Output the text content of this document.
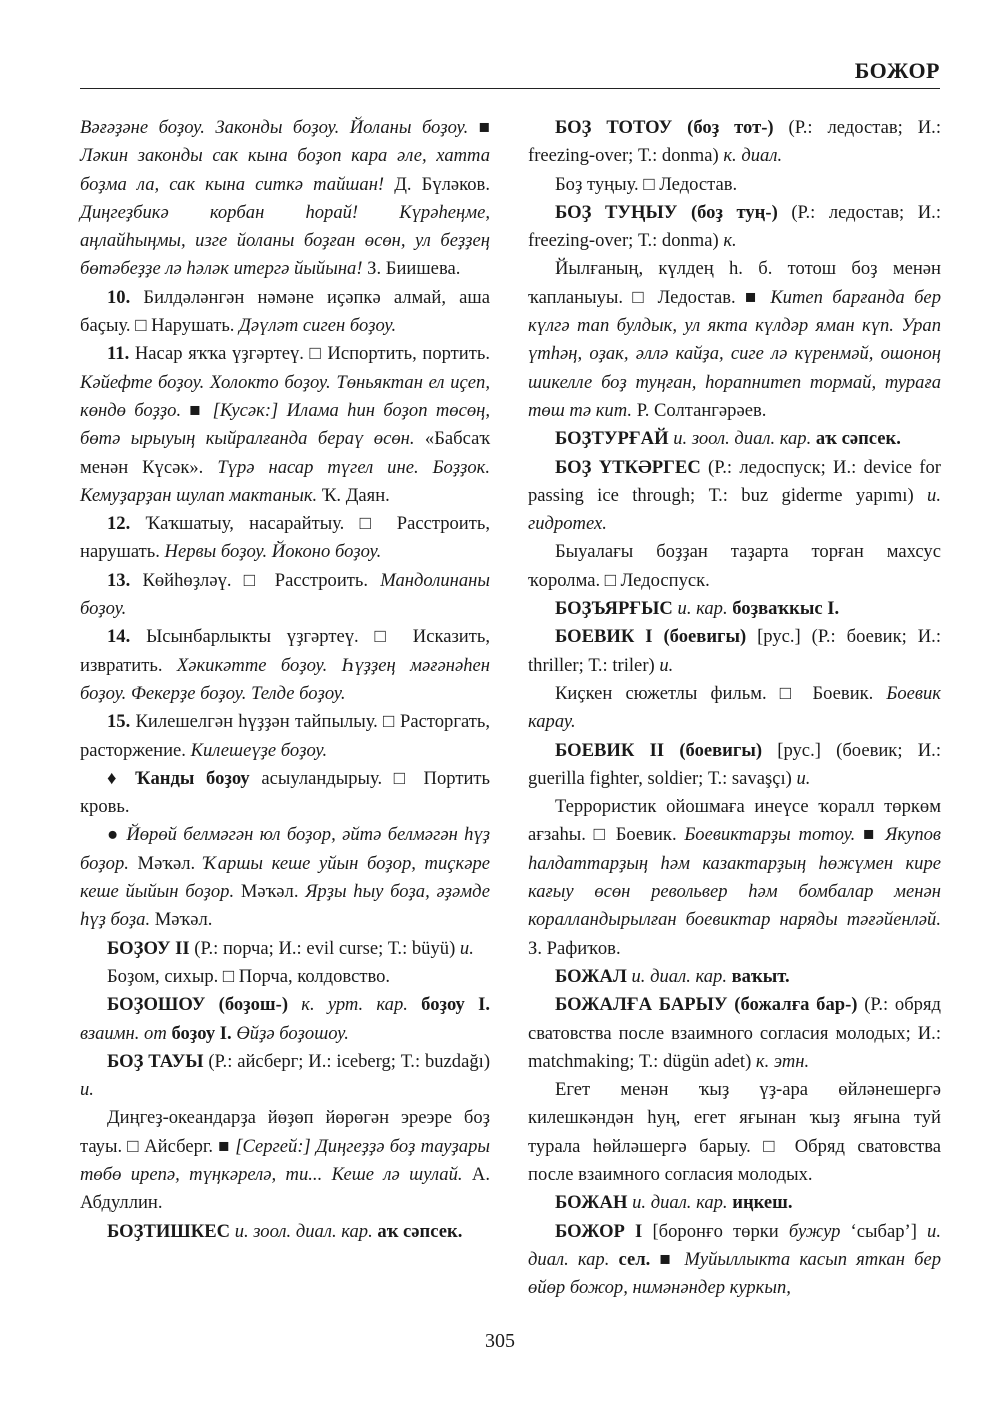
БОЖОР

Вәғәҙәне боҙоу. Законды боҙоу. Йоланы боҙоу. ■ Ләкин законды сак кына боҙоп кара әле, хатта боҙма ла, сак кына ситкә тайшан! Д. Бүләков. Диңгеҙбикә корбан һорай! Күрәһеңме, аңлайһыңмы, изге йоланы боҙған өсөн, ул беҙҙең бөтәбеҙҙе лә һәләк итергә йыйына! З. Биишева.

10. Билдәләнгән нәмәне иҫәпкә алмай, аша баҫыу. □ Нарушать. Дәүләт сиген боҙоу.

11. Насар яҡҡа үҙгәртеү. □ Испортить, портить. Кәйефте боҙоу. Холокто боҙоу. Төньяктан ел иҫеп, көндө боҙҙо. ■ [Кусәк:] Илама һин боҙоп төсөң, бөтә ырыуың кыйралғанда бераү өсөн. «Бабсаҡ менән Күсәк». Түрә насар түгел ине. Боҙҙок. Кемуҙарҙан шулап мактанык. Ҡ. Даян.

12. Ҡаҡшатыу, насарайтыу. □ Расстроить, нарушать. Нервы боҙоу. Йоконо боҙоу.

13. Көйһөҙләү. □ Расстроить. Мандолинаны боҙоу.

14. Ысынбарлыкты үҙгәртеү. □ Исказить, извратить. Хәкикәтте боҙоу. Һүҙҙең мәғәнәһен боҙоу. Фекерҙе боҙоу. Телде боҙоу.

15. Килешелгән һүҙҙән тайпылыу. □ Расторгать, расторжение. Килешеүҙе боҙоу.

♦ Ҡанды боҙоу асыуландырыу. □ Портить кровь.

● Йөрөй белмәгән юл боҙор, әйтә белмәгән һүҙ боҙор. Мәҡәл. Ҡаршы кеше уйын боҙор, тиҫкәре кеше йыйын боҙор. Мәҡәл. Ярҙы һыу боҙа, әҙәмде һүҙ боҙа. Мәҡәл.

БОҘОУ II (Р.: порча; И.: evil curse; Т.: büyü) и.

Боҙом, сихыр. □ Порча, колдовство.

БОҘОШОУ (боҙош-) к. урт. кар. боҙоу I. взаимн. от боҙоу I. Өйҙә боҙошоу.

БОҘ ТАУЫ (Р.: айсберг; И.: iceberg; Т.: buzdağı) и.

Диңгеҙ-океандарҙа йөҙөп йөрөгән эреэре боҙ тауы. □ Айсберг. ■ [Сергей:] Диңгеҙҙә боҙ тауҙары төбө ирепә, түңкәрелә, ти... Кеше лә шулай. А. Абдуллин.

БОҘТИШКЕС и. зоол. диал. кар. аҡ сәпсек.

БОҘ ТОТОУ (боҙ тот-) (Р.: ледостав; И.: freezing-over; Т.: donma) к. диал.

Боҙ туңыу. □ Ледостав.

БОҘ ТУҢЫУ (боҙ туң-) (Р.: ледостав; И.: freezing-over; Т.: donma) к.

Йылғаның, күлдең һ. б. тотош боҙ менән ҡапланыуы. □ Ледостав. ■ Китеп барғанда бер күлгә тап булдык, ул якта күлдәр яман күп. Урап үтһәң, оҙак, әллә кайҙа, сиге лә күренмәй, ошоноң шикелле боҙ туңған, һорапнитеп тормай, тураға төш тә кит. Р. Солтангәрәев.

БОҘТУРҒАЙ и. зоол. диал. кар. аҡ сәпсек.

БОҘ ҮТКӘРГЕС (Р.: ледоспуск; И.: device for passing ice through; Т.: buz giderme yapımı) и. гидротех.

Быуалағы боҙҙан таҙарта торған махсус ҡоролма. □ Ледоспуск.

БОҘЪЯРҒЫС и. кар. боҙваҡкыс I.

БОЕВИК I (боевигы) [рус.] (Р.: боевик; И.: thriller; Т.: triler) и.

Киҫкен сюжетлы фильм. □ Боевик. Боевик карау.

БОЕВИК II (боевигы) [рус.] (боевик; И.: guerilla fighter, soldier; Т.: savaşçı) и.

Террористик ойошмаға инеүсе ҡоралл төркөм ағзаһы. □ Боевик. Боевиктарҙы тотоу. ■ Якупов һалдаттарҙың һәм казактарҙың һөжүмен кире кағыу өсөн револьвер һәм бомбалар менән коралландырылған боевиктар наряды тәғәйенләй. З. Рафиҡов.

БОЖАЛ и. диал. кар. ваҡыт.

БОЖАЛҒА БАРЫУ (божалға бар-) (Р.: обряд сватовства после взаимного согласия молодых; И.: matchmaking; Т.: dügün adet) к. этн.

Егет менән ҡыҙ үҙ-ара өйләнешергә килешкәндән һуң, егет яғынан ҡыҙ яғына туй турала һөйләшергә барыу. □ Обряд сватовства после взаимного согласия молодых.

БОЖАН и. диал. кар. иңкеш.

БОЖОР I [боронғо төрки бужур ‘сыбар’] и. диал. кар. сел. ■ Муйыллыкта касып яткан бер өйөр божор, нимәнәндер куркып,

305
